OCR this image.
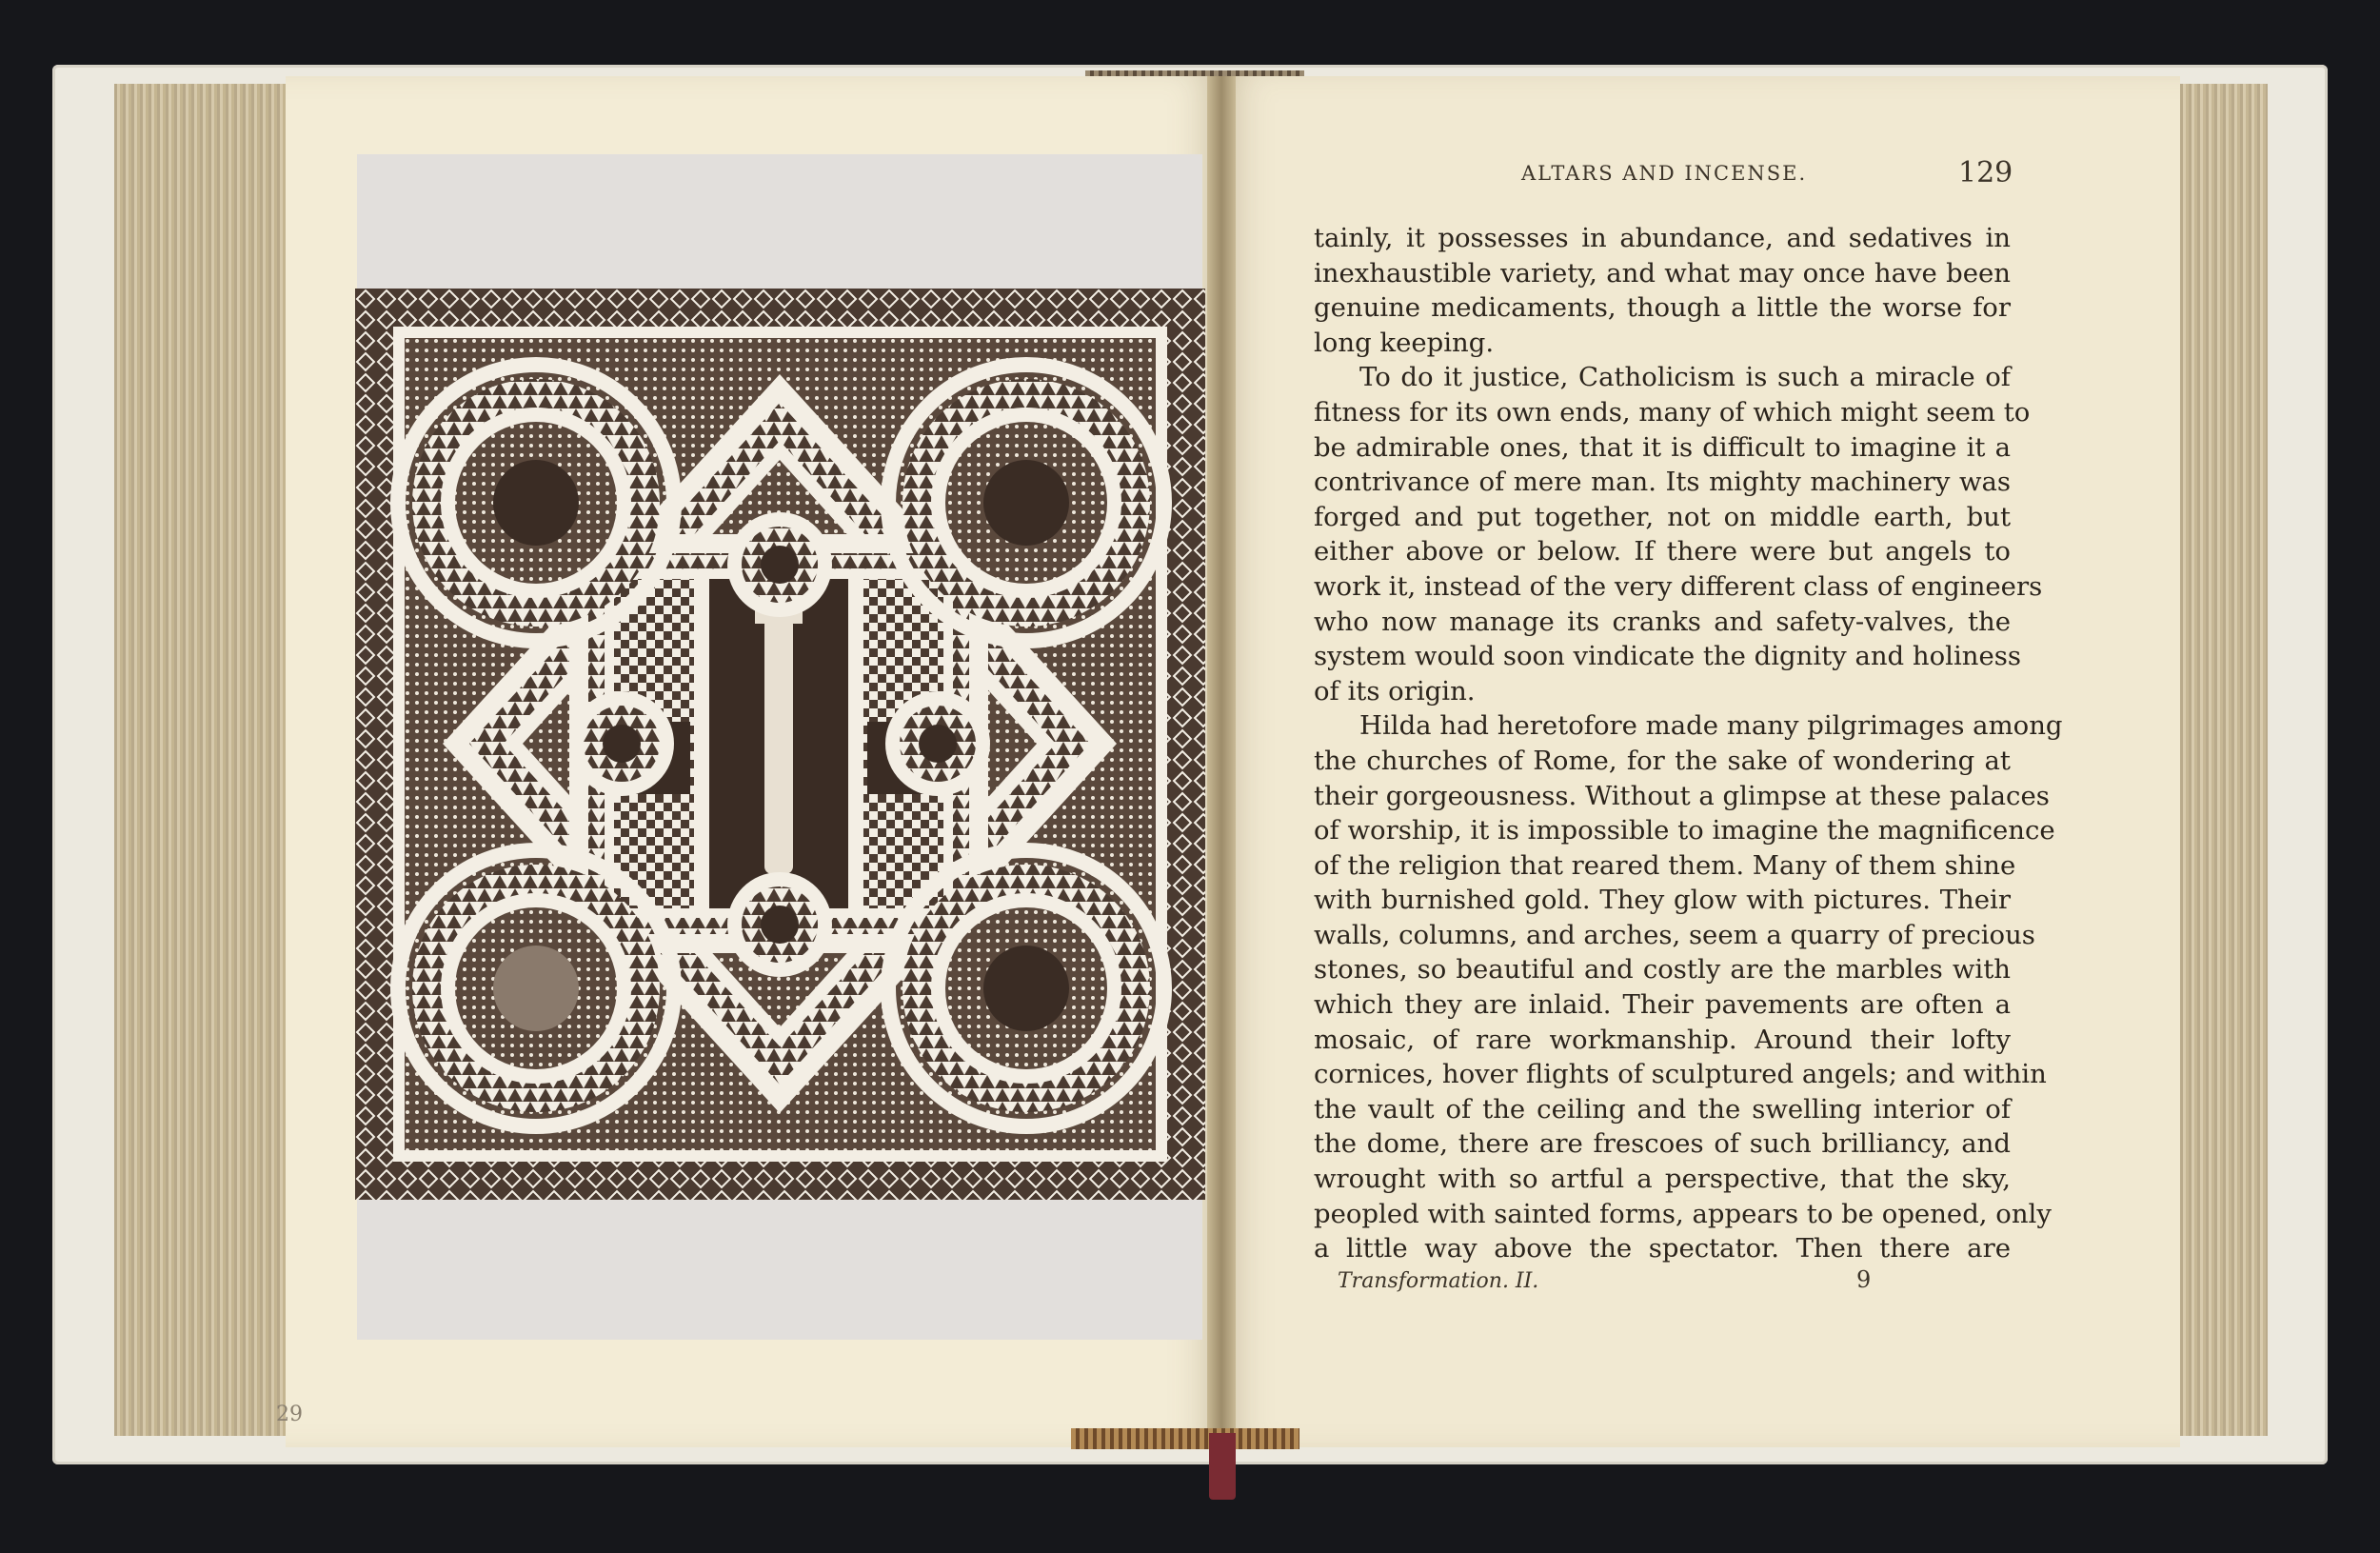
29
ALTARS AND INCENSE.	129
tainly, it possesses in abundance, and sedatives in
inexhaustible variety, and what may once have been
genuine medicaments, though a little the worse for
long keeping.
To do it justice, Catholicism is such a miracle of
fitness for its own ends, many of which might seem to
be admirable ones, that it is difficult to imagine it a
contrivance of mere man. Its mighty machinery was
forged and put together, not on middle earth, but
either above or below. If there were but angels to
work it, instead of the very different class of engineers
who now manage its cranks and safety-valves, the
system would soon vindicate the dignity and holiness
of its origin.
Hilda had heretofore made many pilgrimages among
the churches of Rome, for the sake of wondering at
their gorgeousness. Without a glimpse at these palaces
of worship, it is impossible to imagine the magnificence
of the religion that reared them. Many of them shine
with burnished gold. They glow with pictures. Their
walls, columns, and arches, seem a quarry of precious
stones, so beautiful and costly are the marbles with
which they are inlaid. Their pavements are often a
mosaic, of rare workmanship. Around their lofty
cornices, hover flights of sculptured angels; and within
the vault of the ceiling and the swelling interior of
the dome, there are frescoes of such brilliancy, and
wrought with so artful a perspective, that the sky,
peopled with sainted forms, appears to be opened, only
a little way above the spectator. Then there are
Transformation. II.	9
